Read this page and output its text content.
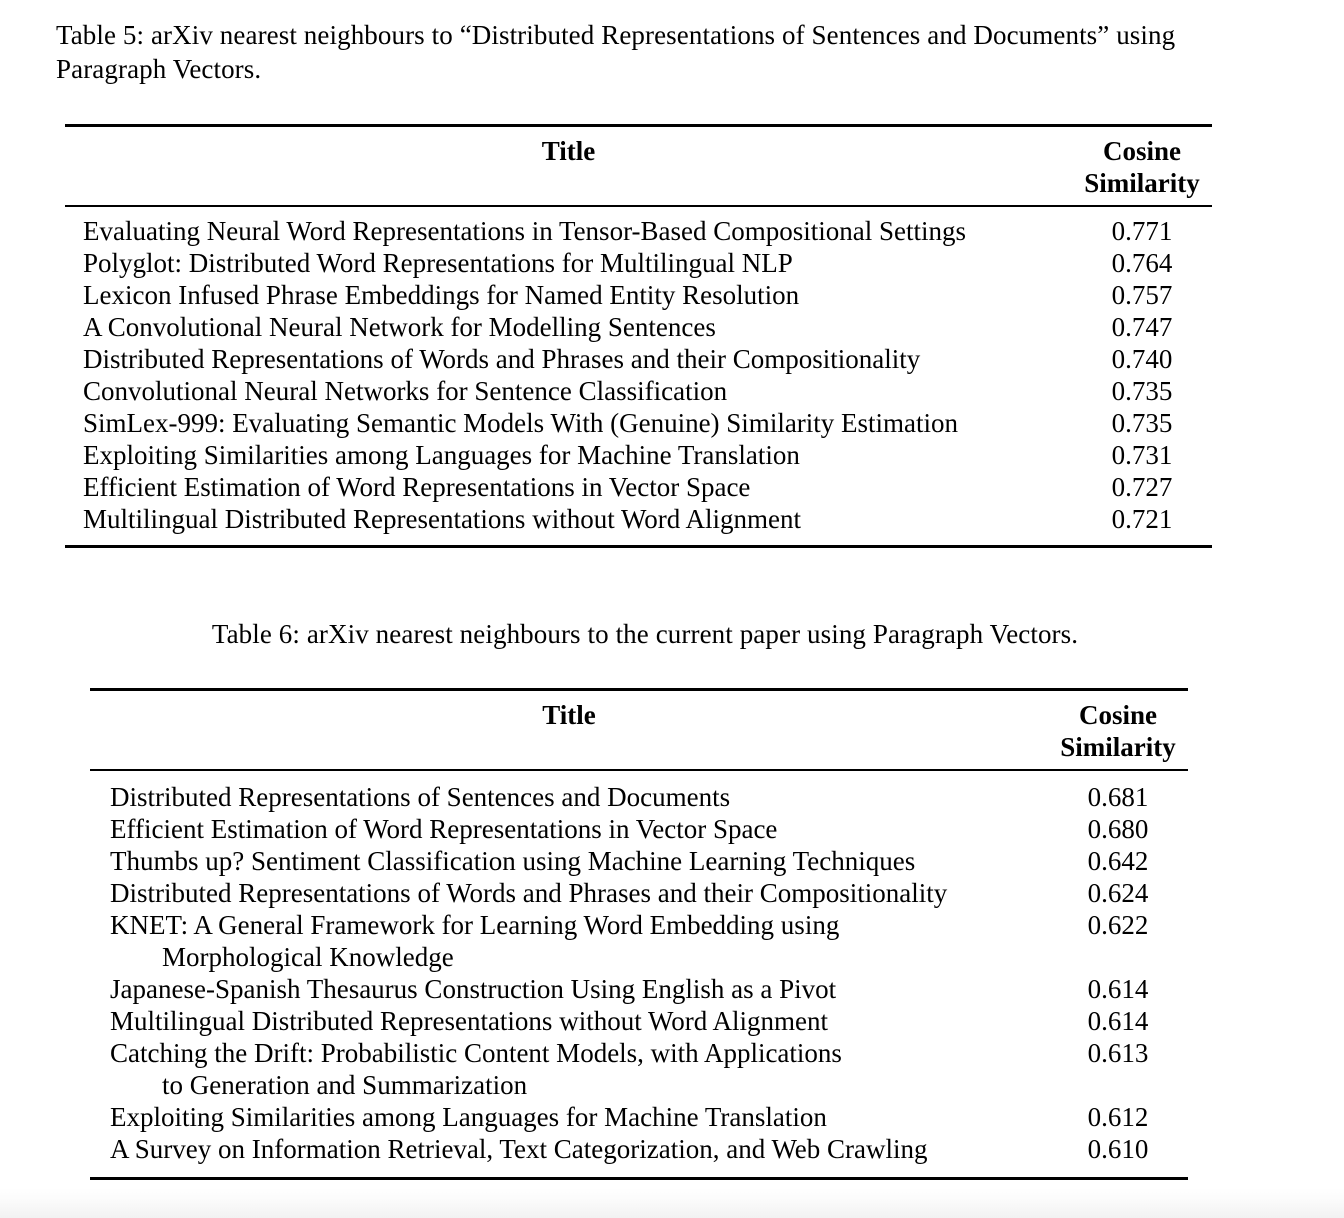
Table 5: arXiv nearest neighbours to “Distributed Representations of Sentences and Documents” using Paragraph Vectors.
Title	Cosine
Similarity
Evaluating Neural Word Representations in Tensor-Based Compositional Settings	0.771
Polyglot: Distributed Word Representations for Multilingual NLP	0.764
Lexicon Infused Phrase Embeddings for Named Entity Resolution	0.757
A Convolutional Neural Network for Modelling Sentences	0.747
Distributed Representations of Words and Phrases and their Compositionality	0.740
Convolutional Neural Networks for Sentence Classification	0.735
SimLex-999: Evaluating Semantic Models With (Genuine) Similarity Estimation	0.735
Exploiting Similarities among Languages for Machine Translation	0.731
Efficient Estimation of Word Representations in Vector Space	0.727
Multilingual Distributed Representations without Word Alignment	0.721
Table 6: arXiv nearest neighbours to the current paper using Paragraph Vectors.
Title	Cosine
Similarity
Distributed Representations of Sentences and Documents	0.681
Efficient Estimation of Word Representations in Vector Space	0.680
Thumbs up? Sentiment Classification using Machine Learning Techniques	0.642
Distributed Representations of Words and Phrases and their Compositionality	0.624
KNET: A General Framework for Learning Word Embedding using
Morphological Knowledge	0.622
Japanese-Spanish Thesaurus Construction Using English as a Pivot	0.614
Multilingual Distributed Representations without Word Alignment	0.614
Catching the Drift: Probabilistic Content Models, with Applications
to Generation and Summarization	0.613
Exploiting Similarities among Languages for Machine Translation	0.612
A Survey on Information Retrieval, Text Categorization, and Web Crawling	0.610
